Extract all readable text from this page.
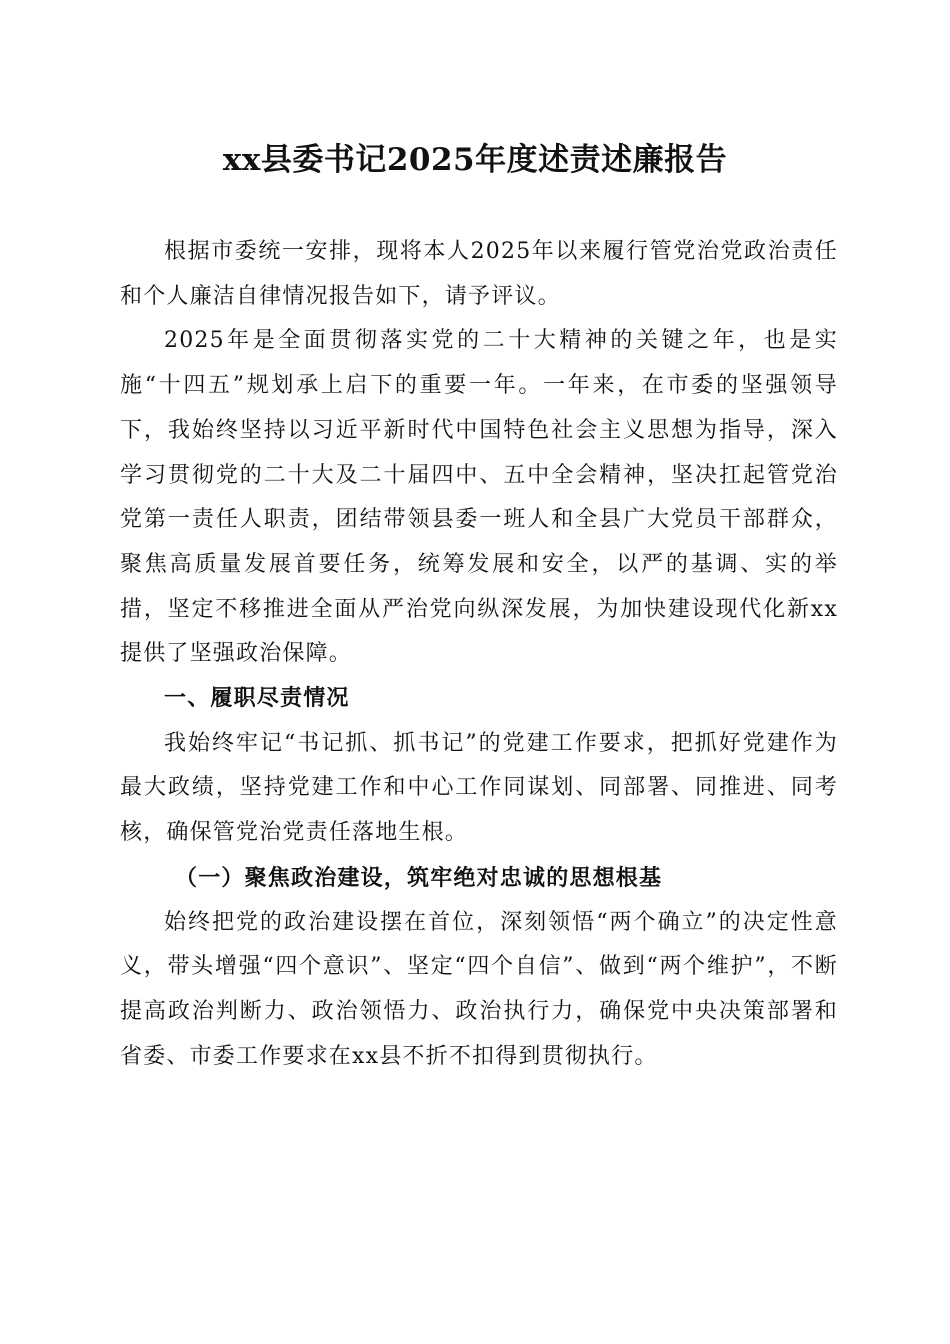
xx县委书记2025年度述责述廉报告

根据市委统一安排，现将本人2025年以来履行管党治党政治责任和个人廉洁自律情况报告如下，请予评议。

2025年是全面贯彻落实党的二十大精神的关键之年，也是实施“十四五”规划承上启下的重要一年。一年来，在市委的坚强领导下，我始终坚持以习近平新时代中国特色社会主义思想为指导，深入学习贯彻党的二十大及二十届四中、五中全会精神，坚决扛起管党治党第一责任人职责，团结带领县委一班人和全县广大党员干部群众，聚焦高质量发展首要任务，统筹发展和安全，以严的基调、实的举措，坚定不移推进全面从严治党向纵深发展，为加快建设现代化新xx提供了坚强政治保障。

一、履职尽责情况

我始终牢记“书记抓、抓书记”的党建工作要求，把抓好党建作为最大政绩，坚持党建工作和中心工作同谋划、同部署、同推进、同考核，确保管党治党责任落地生根。

（一）聚焦政治建设，筑牢绝对忠诚的思想根基

始终把党的政治建设摆在首位，深刻领悟“两个确立”的决定性意义，带头增强“四个意识”、坚定“四个自信”、做到“两个维护”，不断提高政治判断力、政治领悟力、政治执行力，确保党中央决策部署和省委、市委工作要求在xx县不折不扣得到贯彻执行。
